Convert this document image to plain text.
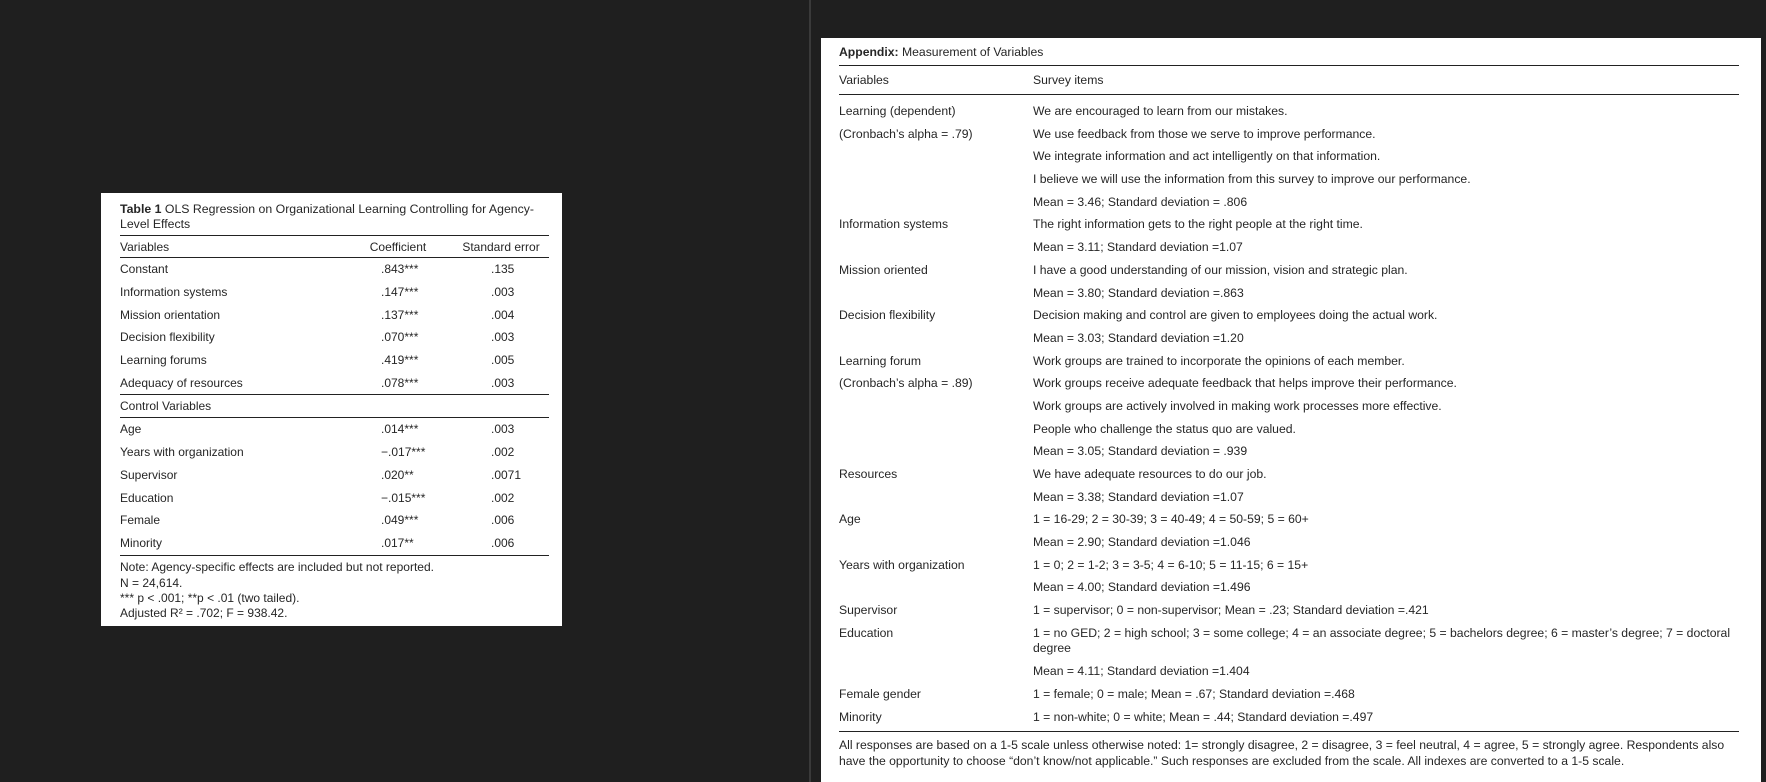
Table 1 OLS Regression on Organizational Learning Controlling for Agency-Level Effects
Variables	Coefficient	Standard error
Constant	.843***	.135
Information systems	.147***	.003
Mission orientation	.137***	.004
Decision flexibility	.070***	.003
Learning forums	.419***	.005
Adequacy of resources	.078***	.003
Control Variables
Age	.014***	.003
Years with organization	−.017***	.002
Supervisor	.020**	.0071
Education	−.015***	.002
Female	.049***	.006
Minority	.017**	.006
Note: Agency-specific effects are included but not reported.
N = 24,614.
*** p < .001; **p < .01 (two tailed).
Adjusted R² = .702; F = 938.42.
Appendix: Measurement of Variables
Variables	Survey items
Learning (dependent)	We are encouraged to learn from our mistakes.
(Cronbach’s alpha = .79)	We use feedback from those we serve to improve performance.
We integrate information and act intelligently on that information.
I believe we will use the information from this survey to improve our performance.
Mean = 3.46; Standard deviation = .806
Information systems	The right information gets to the right people at the right time.
Mean = 3.11; Standard deviation =1.07
Mission oriented	I have a good understanding of our mission, vision and strategic plan.
Mean = 3.80; Standard deviation =.863
Decision flexibility	Decision making and control are given to employees doing the actual work.
Mean = 3.03; Standard deviation =1.20
Learning forum	Work groups are trained to incorporate the opinions of each member.
(Cronbach’s alpha = .89)	Work groups receive adequate feedback that helps improve their performance.
Work groups are actively involved in making work processes more effective.
People who challenge the status quo are valued.
Mean = 3.05; Standard deviation = .939
Resources	We have adequate resources to do our job.
Mean = 3.38; Standard deviation =1.07
Age	1 = 16-29; 2 = 30-39; 3 = 40-49; 4 = 50-59; 5 = 60+
Mean = 2.90; Standard deviation =1.046
Years with organization	1 = 0; 2 = 1-2; 3 = 3-5; 4 = 6-10; 5 = 11-15; 6 = 15+
Mean = 4.00; Standard deviation =1.496
Supervisor	1 = supervisor; 0 = non-supervisor; Mean = .23; Standard deviation =.421
Education	1 = no GED; 2 = high school; 3 = some college; 4 = an associate degree; 5 = bachelors degree; 6 = master’s degree; 7 = doctoral degree
Mean = 4.11; Standard deviation =1.404
Female gender	1 = female; 0 = male; Mean = .67; Standard deviation =.468
Minority	1 = non-white; 0 = white; Mean = .44; Standard deviation =.497
All responses are based on a 1-5 scale unless otherwise noted: 1= strongly disagree, 2 = disagree, 3 = feel neutral, 4 = agree, 5 = strongly agree. Respondents also have the opportunity to choose “don’t know/not applicable.” Such responses are excluded from the scale. All indexes are converted to a 1-5 scale.
